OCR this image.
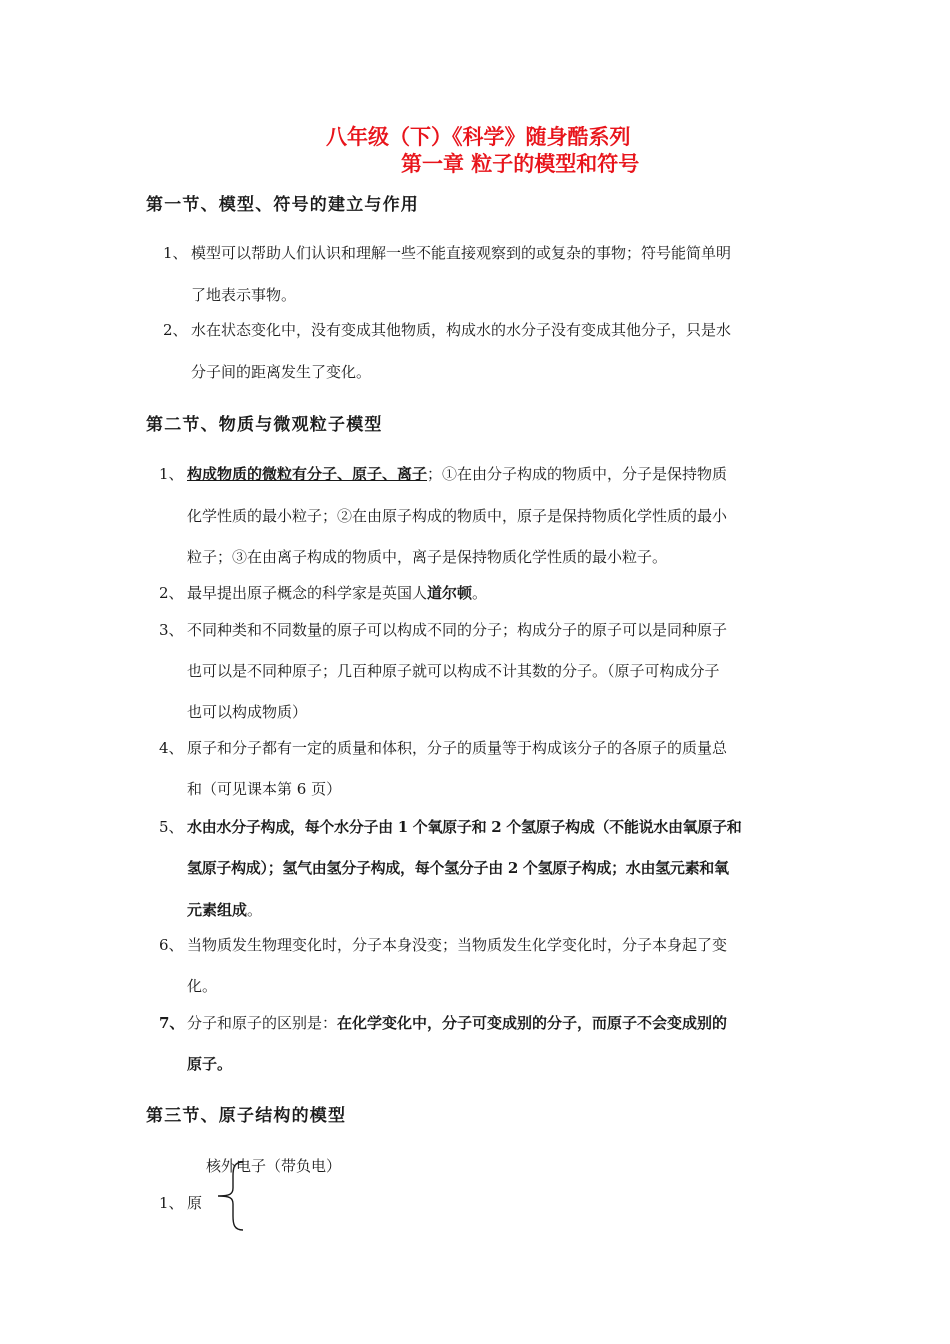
八年级（下）《科学》随身酷系列
第一章 粒子的模型和符号
第一节、模型、符号的建立与作用
1、 模型可以帮助人们认识和理解一些不能直接观察到的或复杂的事物；符号能简单明
了地表示事物。
2、 水在状态变化中，没有变成其他物质，构成水的水分子没有变成其他分子，只是水
分子间的距离发生了变化。
第二节、物质与微观粒子模型
1、 构成物质的微粒有分子、原子、离子；①在由分子构成的物质中，分子是保持物质
化学性质的最小粒子；②在由原子构成的物质中，原子是保持物质化学性质的最小
粒子；③在由离子构成的物质中，离子是保持物质化学性质的最小粒子。
2、 最早提出原子概念的科学家是英国人道尔顿。
3、 不同种类和不同数量的原子可以构成不同的分子；构成分子的原子可以是同种原子
也可以是不同种原子；几百种原子就可以构成不计其数的分子。（原子可构成分子
也可以构成物质）
4、 原子和分子都有一定的质量和体积，分子的质量等于构成该分子的各原子的质量总
和（可见课本第 6 页）
5、 水由水分子构成，每个水分子由 1 个氧原子和 2 个氢原子构成（不能说水由氧原子和
氢原子构成）；氢气由氢分子构成，每个氢分子由 2 个氢原子构成；水由氢元素和氧
元素组成。
6、 当物质发生物理变化时，分子本身没变；当物质发生化学变化时，分子本身起了变
化。
7、 分子和原子的区别是：在化学变化中，分子可变成别的分子，而原子不会变成别的
原子。
第三节、原子结构的模型
核外电子（带负电）
1、 原
